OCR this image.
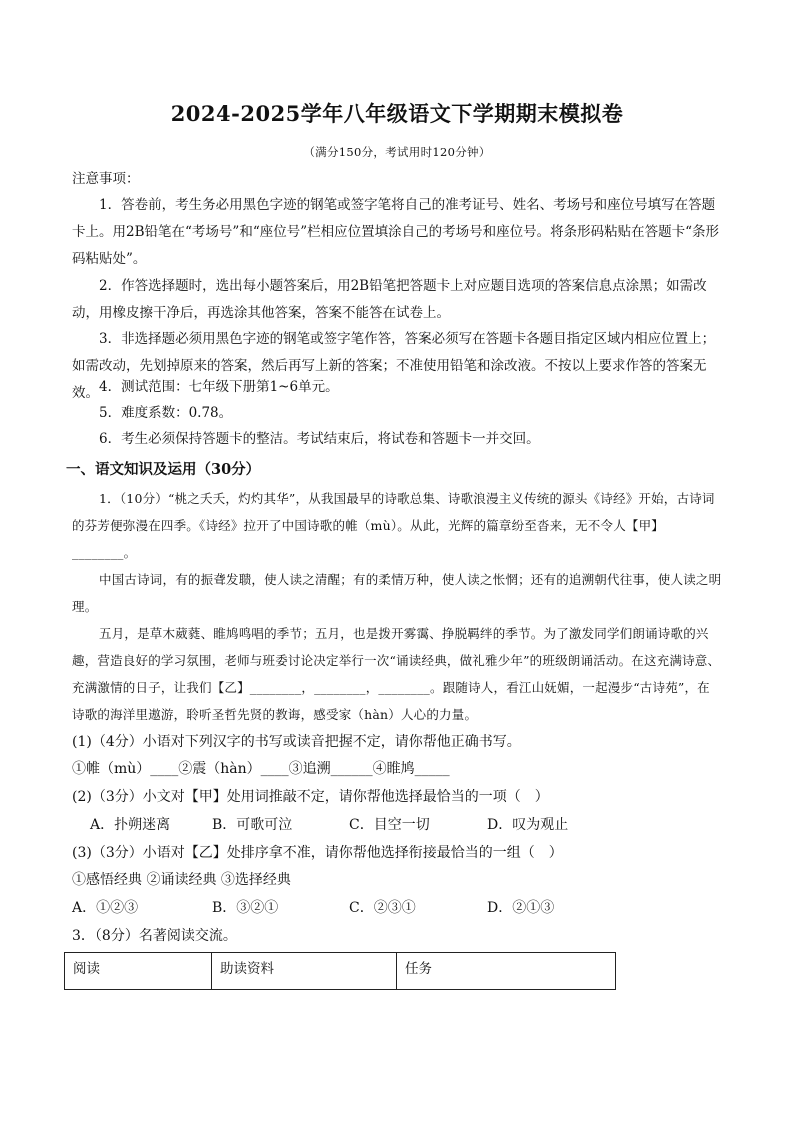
2024-2025学年八年级语文下学期期末模拟卷
（满分150分，考试用时120分钟）
注意事项：
1．答卷前，考生务必用黑色字迹的钢笔或签字笔将自己的准考证号、姓名、考场号和座位号填写在答题卡上。用2B铅笔在“考场号”和“座位号”栏相应位置填涂自己的考场号和座位号。将条形码粘贴在答题卡“条形码粘贴处”。
2．作答选择题时，选出每小题答案后，用2B铅笔把答题卡上对应题目选项的答案信息点涂黑；如需改动，用橡皮擦干净后，再选涂其他答案，答案不能答在试卷上。
3．非选择题必须用黑色字迹的钢笔或签字笔作答，答案必须写在答题卡各题目指定区域内相应位置上；如需改动，先划掉原来的答案，然后再写上新的答案；不准使用铅笔和涂改液。不按以上要求作答的答案无效。 4．测试范围：七年级下册第1~6单元。
5．难度系数：0.78。
6．考生必须保持答题卡的整洁。考试结束后，将试卷和答题卡一并交回。
一、语文知识及运用（30分）
1．（10分）“桃之夭夭，灼灼其华”，从我国最早的诗歌总集、诗歌浪漫主义传统的源头《诗经》开始，古诗词的芬芳便弥漫在四季。《诗经》拉开了中国诗歌的帷（mù）。从此，光辉的篇章纷至沓来，无不令人【甲】________。
中国古诗词，有的振聋发聩，使人读之清醒；有的柔情万种，使人读之怅惘；还有的追溯朝代往事，使人读之明理。
五月，是草木葳蕤、睢鸠鸣唱的季节；五月，也是拨开雾霭、挣脱羁绊的季节。为了激发同学们朗诵诗歌的兴趣，营造良好的学习氛围，老师与班委讨论决定举行一次“诵读经典，做礼雅少年”的班级朗诵活动。在这充满诗意、充满激情的日子，让我们【乙】________，________，________。跟随诗人，看江山妩媚，一起漫步“古诗苑”，在诗歌的海洋里遨游，聆听圣哲先贤的教诲，感受家（hàn）人心的力量。
(1)（4分）小语对下列汉字的书写或读音把握不定，请你帮他正确书写。
①帷（mù）____②震（hàn）____③追溯______④睢鸠_____
(2)（3分）小文对【甲】处用词推敲不定，请你帮他选择最恰当的一项（　）
A．扑朔迷离	B．可歌可泣	C．目空一切	D．叹为观止
(3)（3分）小语对【乙】处排序拿不准，请你帮他选择衔接最恰当的一组（　）
①感悟经典 ②诵读经典 ③选择经典
A．①②③	B．③②①	C．②③①	D．②①③
3．（8分）名著阅读交流。
阅读	助读资料	任务
